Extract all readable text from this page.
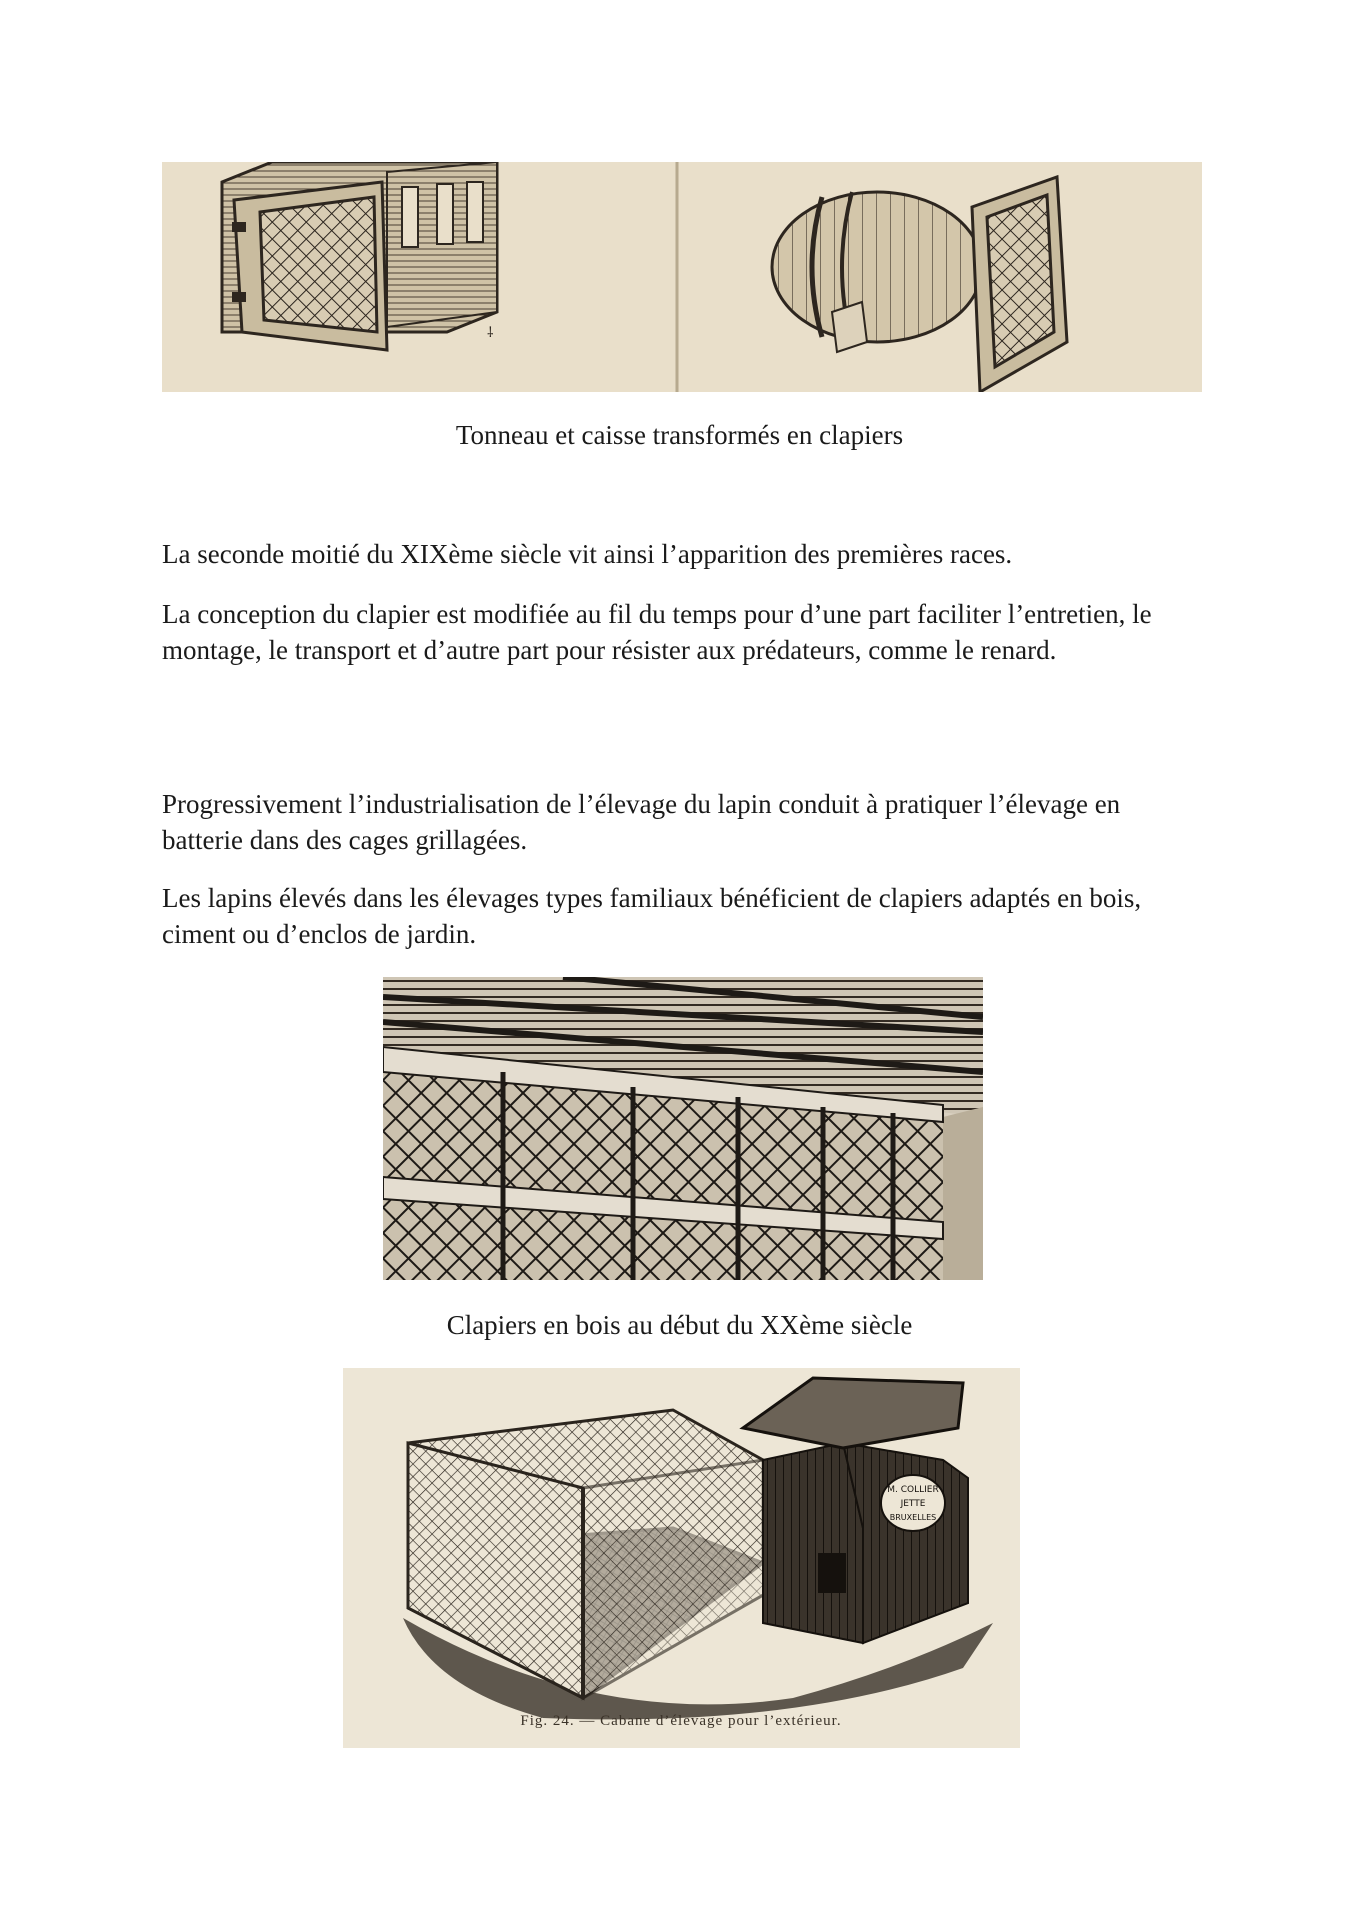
⸸
Tonneau et caisse transformés en clapiers

La seconde moitié du XIXème siècle vit ainsi l’apparition des premières races.

La conception du clapier est modifiée au fil du temps pour d’une part faciliter l’entretien, le montage, le transport et d’autre part pour résister aux prédateurs, comme le renard.

Progressivement l’industrialisation de l’élevage du lapin conduit à pratiquer l’élevage en batterie dans des cages grillagées.

Les lapins élevés dans les élevages types familiaux bénéficient de clapiers adaptés en bois, ciment ou d’enclos de jardin.

Clapiers en bois au début du XXème siècle
M. COLLIER
JETTE
BRUXELLES
Fig. 24. — Cabane d’élevage pour l’extérieur.
